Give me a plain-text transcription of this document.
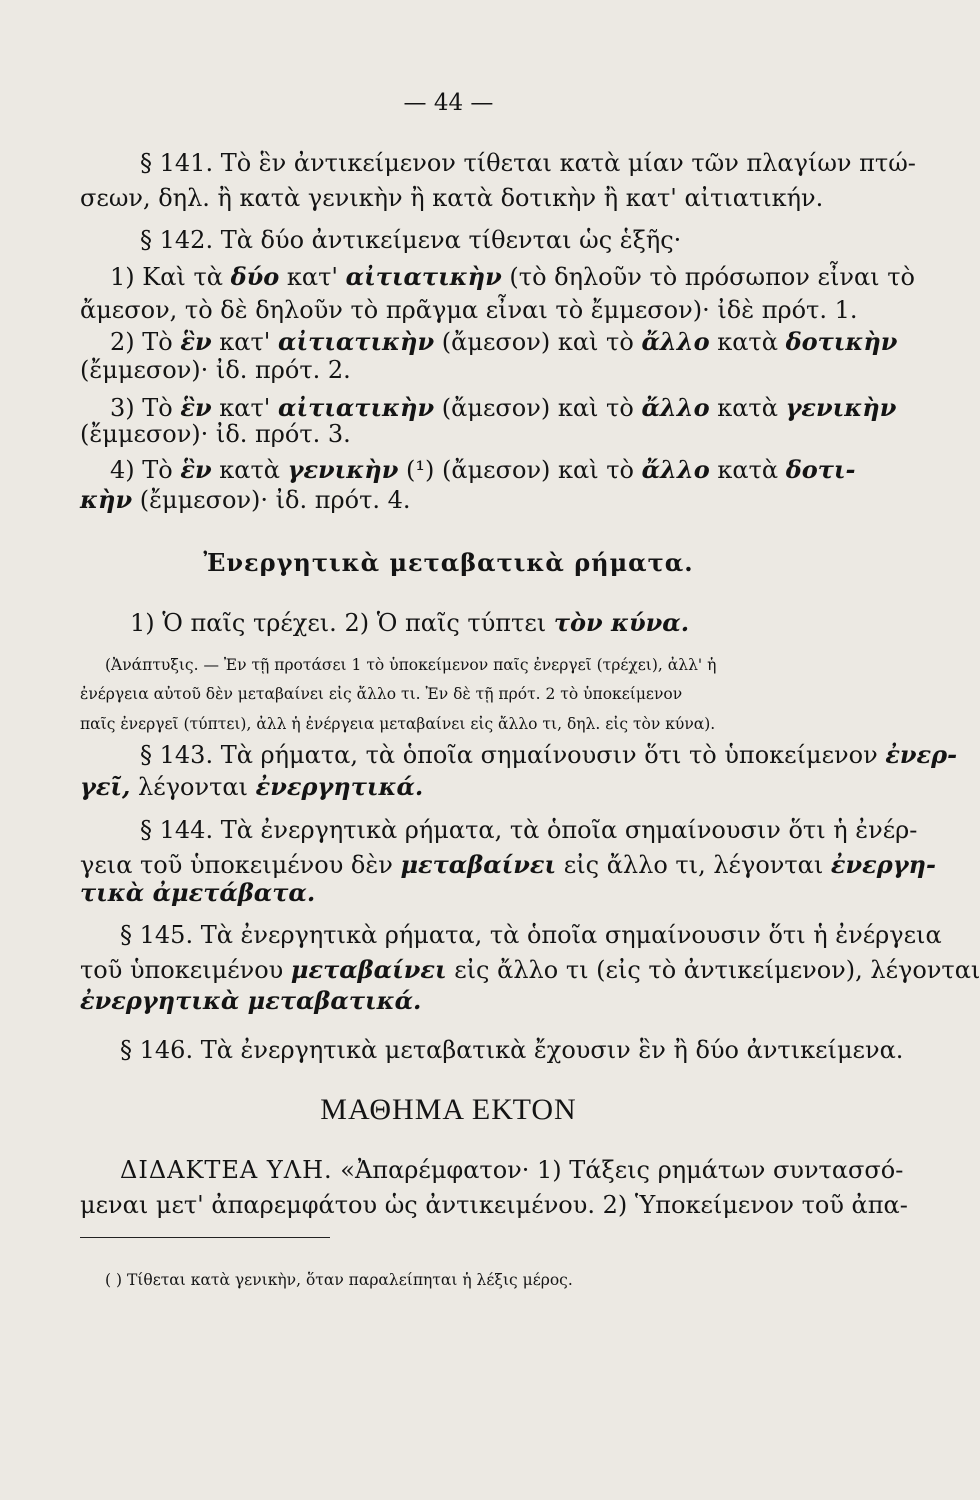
— 44 —
§ 141. Τὸ ἓν ἀντικείμενον τίθεται κατὰ μίαν τῶν πλαγίων πτώ-
σεων, δηλ. ἢ κατὰ γενικὴν ἢ κατὰ δοτικὴν ἢ κατ' αἰτιατικήν.
§ 142. Τὰ δύο ἀντικείμενα τίθενται ὡς ἑξῆς·
1) Καὶ τὰ δύο κατ' αἰτιατικὴν (τὸ δηλοῦν τὸ πρόσωπον εἶναι τὸ
ἄμεσον, τὸ δὲ δηλοῦν τὸ πρᾶγμα εἶναι τὸ ἔμμεσον)· ἰδὲ πρότ. 1.
2) Τὸ ἓν κατ' αἰτιατικὴν (ἄμεσον) καὶ τὸ ἄλλο κατὰ δοτικὴν
(ἔμμεσον)· ἰδ. πρότ. 2.
3) Τὸ ἓν κατ' αἰτιατικὴν (ἄμεσον) καὶ τὸ ἄλλο κατὰ γενικὴν
(ἔμμεσον)· ἰδ. πρότ. 3.
4) Τὸ ἓν κατὰ γενικὴν (¹) (ἄμεσον) καὶ τὸ ἄλλο κατὰ δοτι-
κὴν (ἔμμεσον)· ἰδ. πρότ. 4.
Ἐνεργητικὰ μεταβατικὰ ρήματα.
1) Ὁ παῖς τρέχει. 2) Ὁ παῖς τύπτει τὸν κύνα.
(Ἀνάπτυξις. — Ἐν τῇ προτάσει 1 τὸ ὑποκείμενον παῖς ἐνεργεῖ (τρέχει), ἀλλ' ἡ
ἐνέργεια αὐτοῦ δὲν μεταβαίνει εἰς ἄλλο τι. Ἐν δὲ τῇ πρότ. 2 τὸ ὑποκείμενον
παῖς ἐνεργεῖ (τύπτει), ἀλλ ἡ ἐνέργεια μεταβαίνει εἰς ἄλλο τι, δηλ. εἰς τὸν κύνα).
§ 143. Τὰ ρήματα, τὰ ὁποῖα σημαίνουσιν ὅτι τὸ ὑποκείμενον ἐνερ-
γεῖ, λέγονται ἐνεργητικά.
§ 144. Τὰ ἐνεργητικὰ ρήματα, τὰ ὁποῖα σημαίνουσιν ὅτι ἡ ἐνέρ-
γεια τοῦ ὑποκειμένου δὲν μεταβαίνει εἰς ἄλλο τι, λέγονται ἐνεργη-
τικὰ ἀμετάβατα.
§ 145. Τὰ ἐνεργητικὰ ρήματα, τὰ ὁποῖα σημαίνουσιν ὅτι ἡ ἐνέργεια
τοῦ ὑποκειμένου μεταβαίνει εἰς ἄλλο τι (εἰς τὸ ἀντικείμενον), λέγονται
ἐνεργητικὰ μεταβατικά.
§ 146. Τὰ ἐνεργητικὰ μεταβατικὰ ἔχουσιν ἓν ἢ δύο ἀντικείμενα.
ΜΑΘΗΜΑ ΕΚΤΟΝ
ΔΙΔΑΚΤΕΑ ΥΛΗ. «Ἀπαρέμφατον· 1) Τάξεις ρημάτων συντασσό-
μεναι μετ' ἀπαρεμφάτου ὡς ἀντικειμένου. 2) Ὑποκείμενον τοῦ ἀπα-
( ) Τίθεται κατὰ γενικὴν, ὅταν παραλείπηται ἡ λέξις μέρος.
